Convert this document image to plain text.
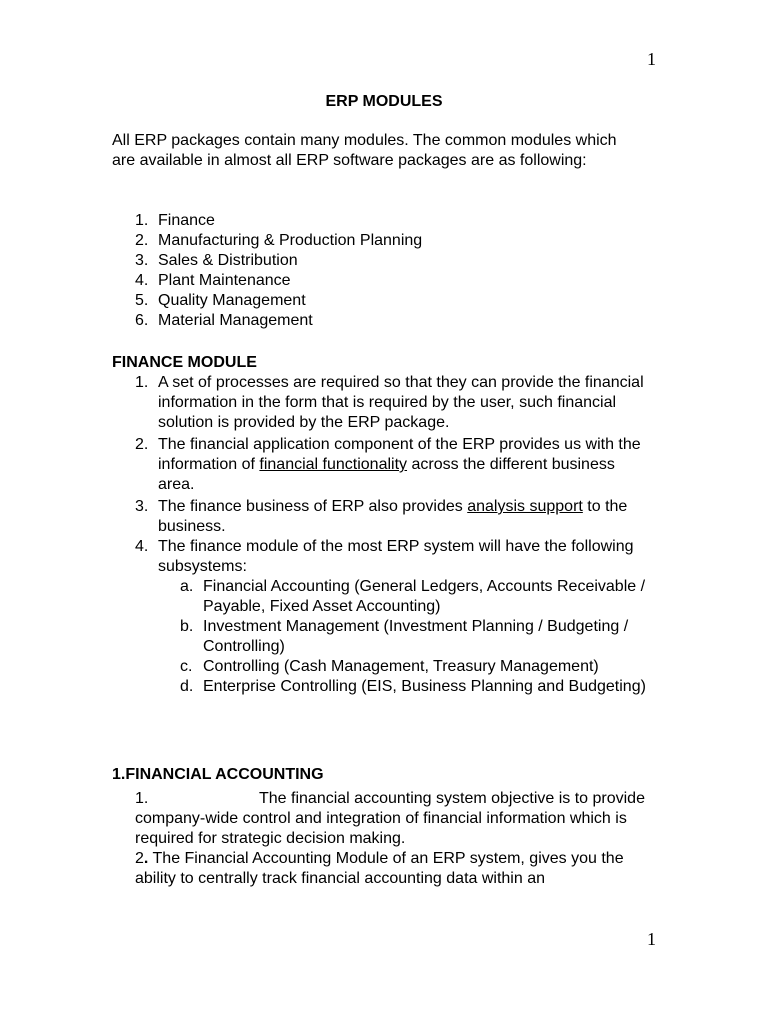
1
ERP MODULES

All ERP packages contain many modules. The common modules which are available in almost all ERP software packages are as following:

1. Finance
2. Manufacturing & Production Planning
3. Sales & Distribution
4. Plant Maintenance
5. Quality Management
6. Material Management
FINANCE MODULE
1. A set of processes are required so that they can provide the financial information in the form that is required by the user, such financial solution is provided by the ERP package.
2. The financial application component of the ERP provides us with the information of financial functionality across the different business area.
3. The finance business of ERP also provides analysis support to the business.
4. The finance module of the most ERP system will have the following subsystems:
a. Financial Accounting (General Ledgers, Accounts Receivable / Payable, Fixed Asset Accounting)
b. Investment Management (Investment Planning / Budgeting / Controlling)
c. Controlling (Cash Management, Treasury Management)
d. Enterprise Controlling (EIS, Business Planning and Budgeting)
1.FINANCIAL ACCOUNTING

1.	The financial accounting system objective is to provide company-wide control and integration of financial information which is required for strategic decision making.

2. The Financial Accounting Module of an ERP system, gives you the ability to centrally track financial accounting data within an

1
